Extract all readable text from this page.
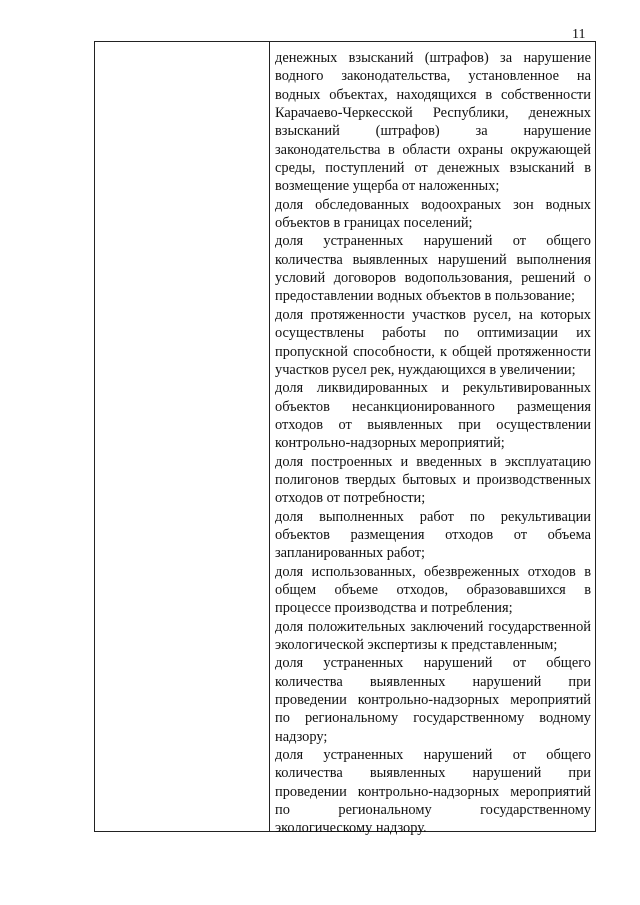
11

денежных взысканий (штрафов) за нарушение водного законодательства, установленное на водных объектах, находящихся в собственности Карачаево-Черкесской Республики, денежных взысканий (штрафов) за нарушение законодательства в области охраны окружающей среды, поступлений от денежных взысканий в возмещение ущерба от наложенных;

доля обследованных водоохраных зон водных объектов в границах поселений;

доля устраненных нарушений от общего количества выявленных нарушений выполнения условий договоров водопользования, решений о предоставлении водных объектов в пользование;

доля протяженности участков русел, на которых осуществлены работы по оптимизации их пропускной способности, к общей протяженности участков русел рек, нуждающихся в увеличении;

доля ликвидированных и рекультивированных объектов несанкционированного размещения отходов от выявленных при осуществлении контрольно-надзорных мероприятий;

доля построенных и введенных в эксплуатацию полигонов твердых бытовых и производственных отходов от потребности;

доля выполненных работ по рекультивации объектов размещения отходов от объема запланированных работ;

доля использованных, обезвреженных отходов в общем объеме отходов, образовавшихся в процессе производства и потребления;

доля положительных заключений государственной экологической экспертизы к представленным;

доля устраненных нарушений от общего количества выявленных нарушений при проведении контрольно-надзорных мероприятий по региональному государственному водному надзору;

доля устраненных нарушений от общего количества выявленных нарушений при проведении контрольно-надзорных мероприятий по региональному государственному экологическому надзору.
